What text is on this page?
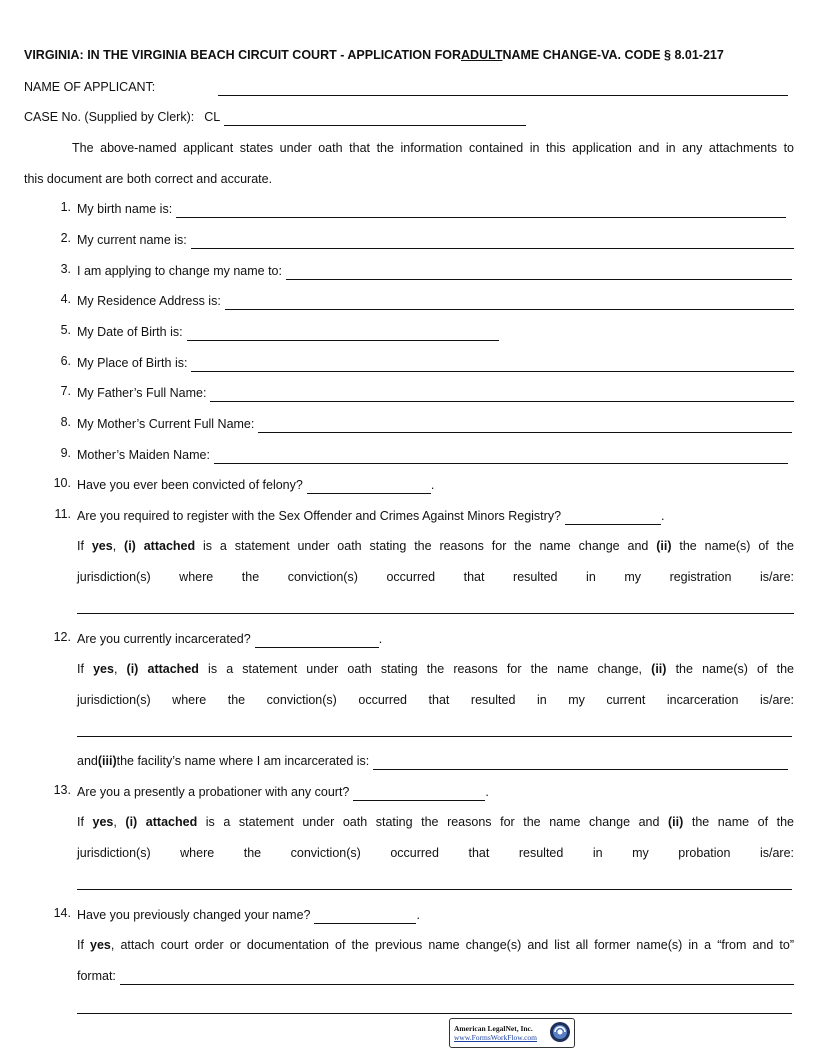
VIRGINIA: IN THE VIRGINIA BEACH CIRCUIT COURT - APPLICATION FOR ADULT NAME CHANGE-VA. CODE § 8.01-217
NAME OF APPLICANT:
CASE No. (Supplied by Clerk): CL
The above-named applicant states under oath that the information contained in this application and in any attachments to
this document are both correct and accurate.
1. My birth name is:
2. My current name is:
3. I am applying to change my name to:
4. My Residence Address is:
5. My Date of Birth is:
6. My Place of Birth is:
7. My Father’s Full Name:
8. My Mother’s Current Full Name:
9. Mother’s Maiden Name:
10. Have you ever been convicted of felony?	.
11. Are you required to register with the Sex Offender and Crimes Against Minors Registry?	.
If yes, (i) attached is a statement under oath stating the reasons for the name change and (ii) the name(s) of the
jurisdiction(s) where the conviction(s) occurred that resulted in my registration is/are:
12. Are you currently incarcerated?	.
If yes, (i) attached is a statement under oath stating the reasons for the name change, (ii) the name(s) of the
jurisdiction(s) where the conviction(s) occurred that resulted in my current incarceration is/are:
and (iii) the facility’s name where I am incarcerated is:
13. Are you a presently a probationer with any court?	.
If yes, (i) attached is a statement under oath stating the reasons for the name change and (ii) the name of the
jurisdiction(s) where the conviction(s) occurred that resulted in my probation is/are:
14. Have you previously changed your name?	.
If yes, attach court order or documentation of the previous name change(s) and list all former name(s) in a “from and to”
format:
American LegalNet, Inc.
www.FormsWorkFlow.com
